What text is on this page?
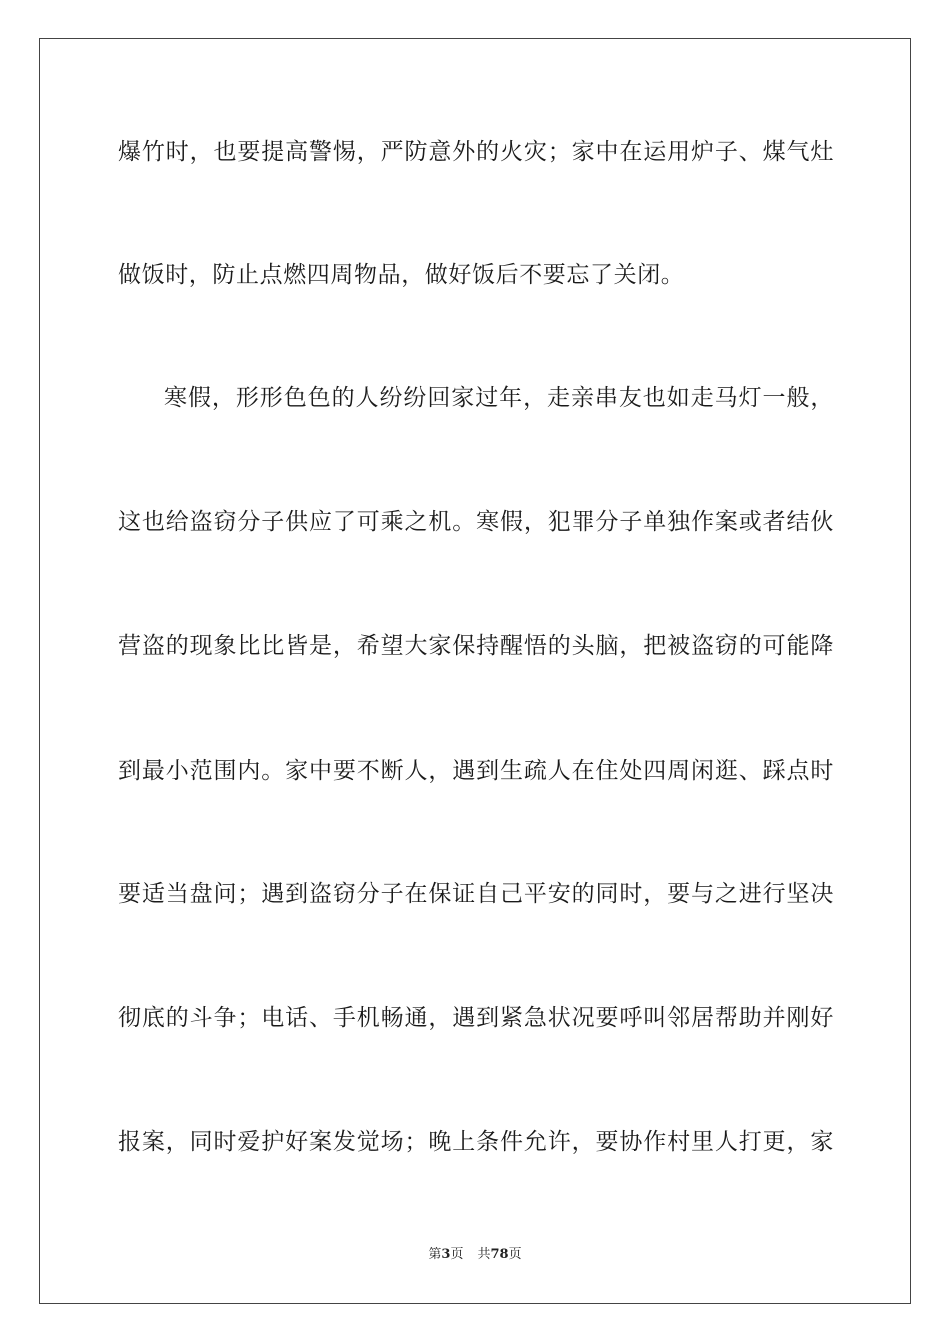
爆竹时，也要提高警惕，严防意外的火灾；家中在运用炉子、煤气灶
做饭时，防止点燃四周物品，做好饭后不要忘了关闭。
寒假，形形色色的人纷纷回家过年，走亲串友也如走马灯一般，
这也给盗窃分子供应了可乘之机。寒假，犯罪分子单独作案或者结伙
营盗的现象比比皆是，希望大家保持醒悟的头脑，把被盗窃的可能降
到最小范围内。家中要不断人，遇到生疏人在住处四周闲逛、踩点时
要适当盘问；遇到盗窃分子在保证自己平安的同时，要与之进行坚决
彻底的斗争；电话、手机畅通，遇到紧急状况要呼叫邻居帮助并刚好
报案，同时爱护好案发觉场；晚上条件允许，要协作村里人打更，家
第3页 共78页
